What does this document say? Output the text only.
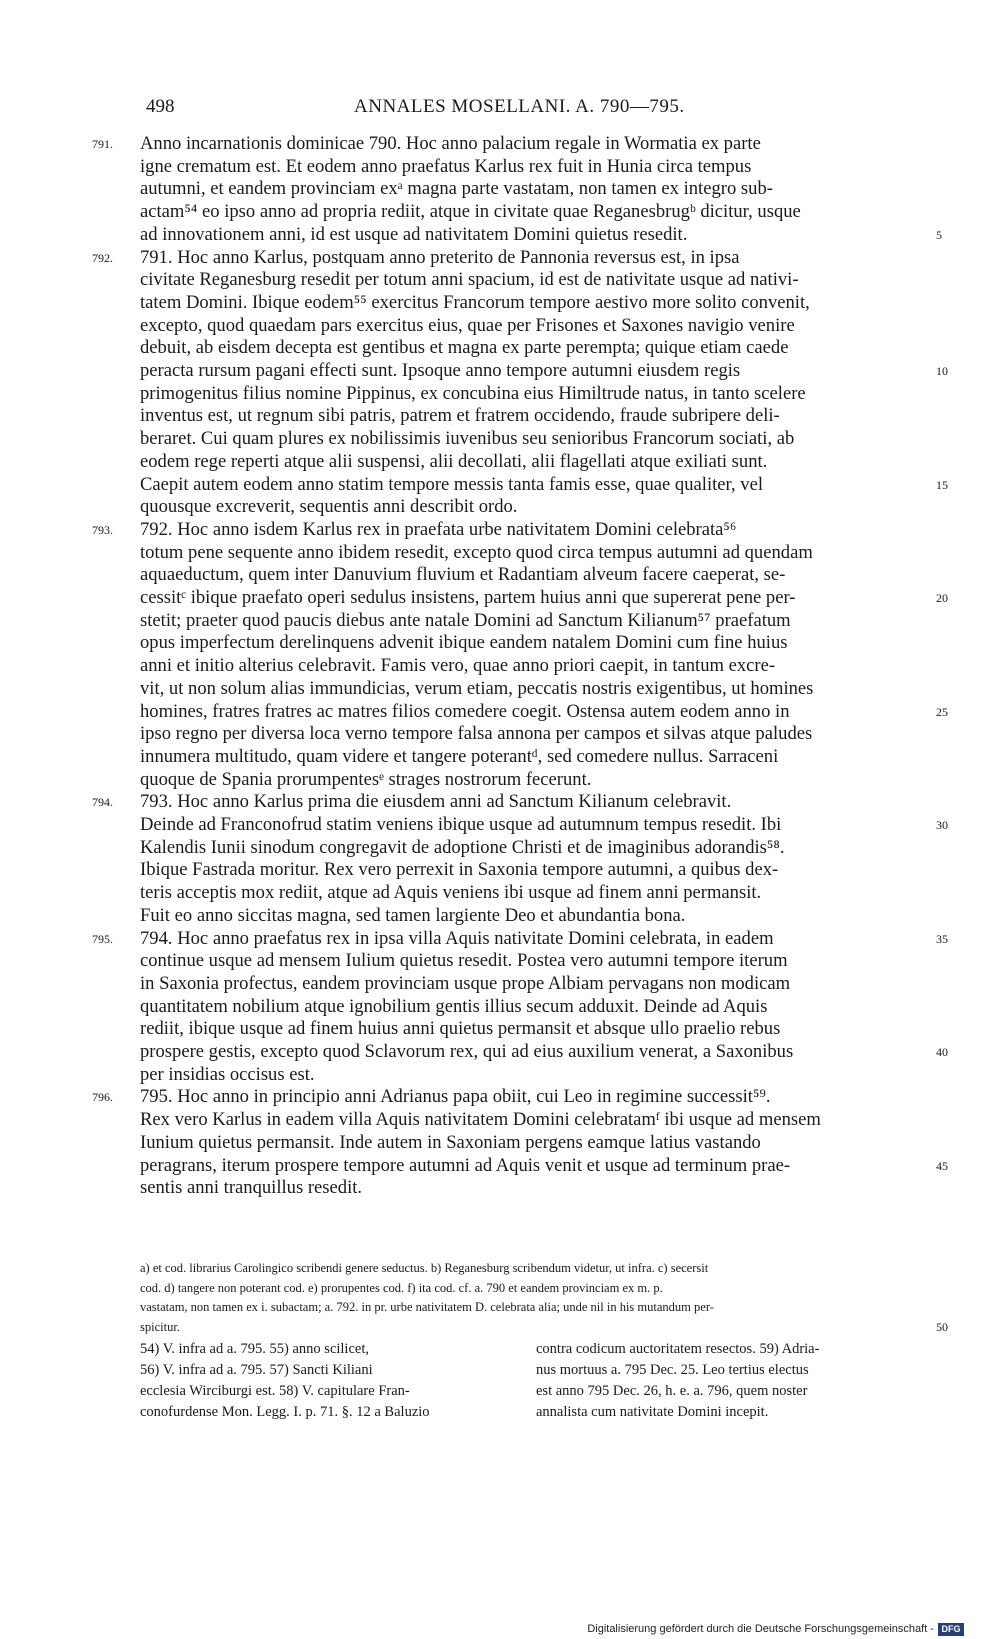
498	ANNALES MOSELLANI. A. 790—795.
Anno incarnationis dominicae 790. Hoc anno palacium regale in Wormatia ex parte
791.
igne crematum est. Et eodem anno praefatus Karlus rex fuit in Hunia circa tempus
autumni, et eandem provinciam exᵃ magna parte vastatam, non tamen ex integro sub-
actam⁵⁴ eo ipso anno ad propria rediit, atque in civitate quae Reganesbrugᵇ dicitur, usque
ad innovationem anni, id est usque ad nativitatem Domini quietus resedit.	5
791. Hoc anno Karlus, postquam anno preterito de Pannonia reversus est, in ipsa
792.
civitate Reganesburg resedit per totum anni spacium, id est de nativitate usque ad nativi-
tatem Domini. Ibique eodem⁵⁵ exercitus Francorum tempore aestivo more solito convenit,
excepto, quod quaedam pars exercitus eius, quae per Frisones et Saxones navigio venire
debuit, ab eisdem decepta est gentibus et magna ex parte perempta; quique etiam caede
peracta rursum pagani effecti sunt. Ipsoque anno tempore autumni eiusdem regis	10
primogenitus filius nomine Pippinus, ex concubina eius Himiltrude natus, in tanto scelere
inventus est, ut regnum sibi patris, patrem et fratrem occidendo, fraude subripere deli-
beraret. Cui quam plures ex nobilissimis iuvenibus seu senioribus Francorum sociati, ab
eodem rege reperti atque alii suspensi, alii decollati, alii flagellati atque exiliati sunt.
Caepit autem eodem anno statim tempore messis tanta famis esse, quae qualiter, vel	15
quousque excreverit, sequentis anni describit ordo.
792. Hoc anno isdem Karlus rex in praefata urbe nativitatem Domini celebrata⁵⁶
793.
totum pene sequente anno ibidem resedit, excepto quod circa tempus autumni ad quendam
aquaeductum, quem inter Danuvium fluvium et Radantiam alveum facere caeperat, se-
cessitᶜ ibique praefato operi sedulus insistens, partem huius anni que supererat pene per-	20
stetit; praeter quod paucis diebus ante natale Domini ad Sanctum Kilianum⁵⁷ praefatum
opus imperfectum derelinquens advenit ibique eandem natalem Domini cum fine huius
anni et initio alterius celebravit. Famis vero, quae anno priori caepit, in tantum excre-
vit, ut non solum alias immundicias, verum etiam, peccatis nostris exigentibus, ut homines
homines, fratres fratres ac matres filios comedere coegit. Ostensa autem eodem anno in	25
ipso regno per diversa loca verno tempore falsa annona per campos et silvas atque paludes
innumera multitudo, quam videre et tangere poterantᵈ, sed comedere nullus. Sarraceni
quoque de Spania prorumpentesᵉ strages nostrorum fecerunt.
793. Hoc anno Karlus prima die eiusdem anni ad Sanctum Kilianum celebravit.
794.
Deinde ad Franconofrud statim veniens ibique usque ad autumnum tempus resedit. Ibi	30
Kalendis Iunii sinodum congregavit de adoptione Christi et de imaginibus adorandis⁵⁸.
Ibique Fastrada moritur. Rex vero perrexit in Saxonia tempore autumni, a quibus dex-
teris acceptis mox rediit, atque ad Aquis veniens ibi usque ad finem anni permansit.
Fuit eo anno siccitas magna, sed tamen largiente Deo et abundantia bona.
794. Hoc anno praefatus rex in ipsa villa Aquis nativitate Domini celebrata, in eadem
795.	35
continue usque ad mensem Iulium quietus resedit. Postea vero autumni tempore iterum
in Saxonia profectus, eandem provinciam usque prope Albiam pervagans non modicam
quantitatem nobilium atque ignobilium gentis illius secum adduxit. Deinde ad Aquis
rediit, ibique usque ad finem huius anni quietus permansit et absque ullo praelio rebus
prospere gestis, excepto quod Sclavorum rex, qui ad eius auxilium venerat, a Saxonibus	40
per insidias occisus est.
795. Hoc anno in principio anni Adrianus papa obiit, cui Leo in regimine successit⁵⁹.
796.
Rex vero Karlus in eadem villa Aquis nativitatem Domini celebratamᶠ ibi usque ad mensem
Iunium quietus permansit. Inde autem in Saxoniam pergens eamque latius vastando
peragrans, iterum prospere tempore autumni ad Aquis venit et usque ad terminum prae-	45
sentis anni tranquillus resedit.
a) et cod. librarius Carolingico scribendi genere seductus. b) Reganesburg scribendum videtur, ut infra. c) secersit
cod. d) tangere non poterant cod. e) prorupentes cod. f) ita cod. cf. a. 790 et eandem provinciam ex m. p.
vastatam, non tamen ex i. subactam; a. 792. in pr. urbe nativitatem D. celebrata alia; unde nil in his mutandum per-
spicitur.	50
54) V. infra ad a. 795. 55) anno scilicet,
56) V. infra ad a. 795. 57) Sancti Kiliani
ecclesia Wirciburgi est. 58) V. capitulare Fran-
conofurdense Mon. Legg. I. p. 71. §. 12 a Baluzio
contra codicum auctoritatem resectos. 59) Adria-
nus mortuus a. 795 Dec. 25. Leo tertius electus
est anno 795 Dec. 26, h. e. a. 796, quem noster
annalista cum nativitate Domini incepit.
Digitalisierung gefördert durch die Deutsche Forschungsgemeinschaft - DFG
